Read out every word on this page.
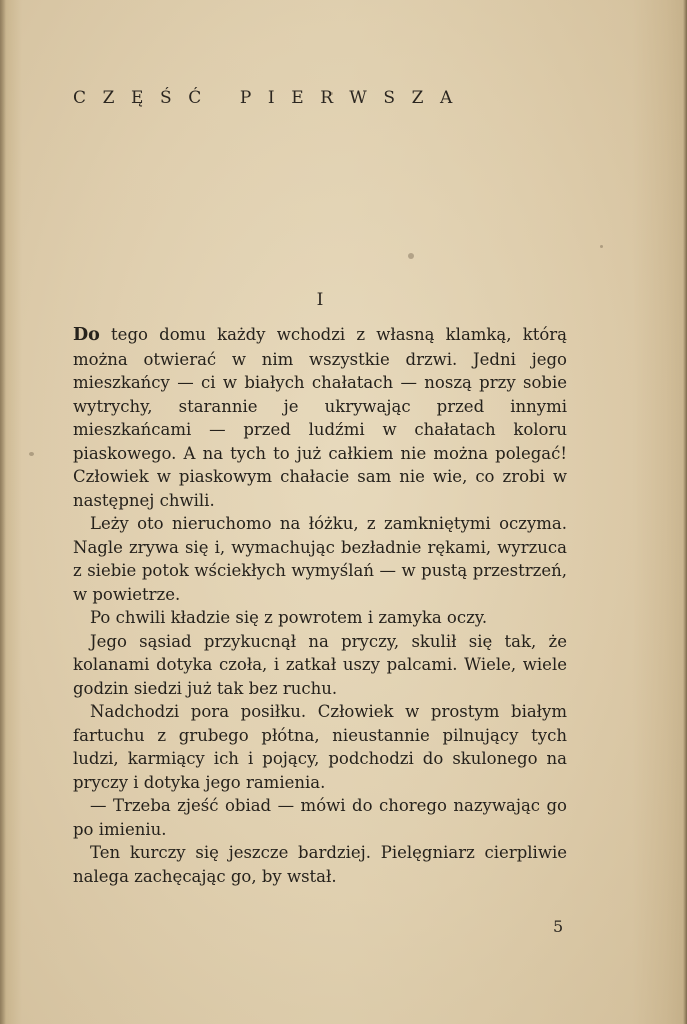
CZĘŚĆ PIERWSZA
I

Do tego domu każdy wchodzi z własną klamką, którą można otwierać w nim wszystkie drzwi. Jedni jego mieszkańcy — ci w białych chałatach — noszą przy sobie wytrychy, starannie je ukrywając przed innymi mieszkańcami — przed ludźmi w chałatach koloru piaskowego. A na tych to już całkiem nie można polegać! Człowiek w piaskowym chałacie sam nie wie, co zrobi w następnej chwili.

Leży oto nieruchomo na łóżku, z zamkniętymi oczyma. Nagle zrywa się i, wymachując bezładnie rękami, wyrzuca z siebie potok wściekłych wymyślań — w pustą przestrzeń, w powietrze.

Po chwili kładzie się z powrotem i zamyka oczy.

Jego sąsiad przykucnął na pryczy, skulił się tak, że kolanami dotyka czoła, i zatkał uszy palcami. Wiele, wiele godzin siedzi już tak bez ruchu.

Nadchodzi pora posiłku. Człowiek w prostym białym fartuchu z grubego płótna, nieustannie pilnujący tych ludzi, karmiący ich i pojący, podchodzi do skulonego na pryczy i dotyka jego ramienia.

— Trzeba zjeść obiad — mówi do chorego nazywając go po imieniu.

Ten kurczy się jeszcze bardziej. Pielęgniarz cierpliwie nalega zachęcając go, by wstał.

5
